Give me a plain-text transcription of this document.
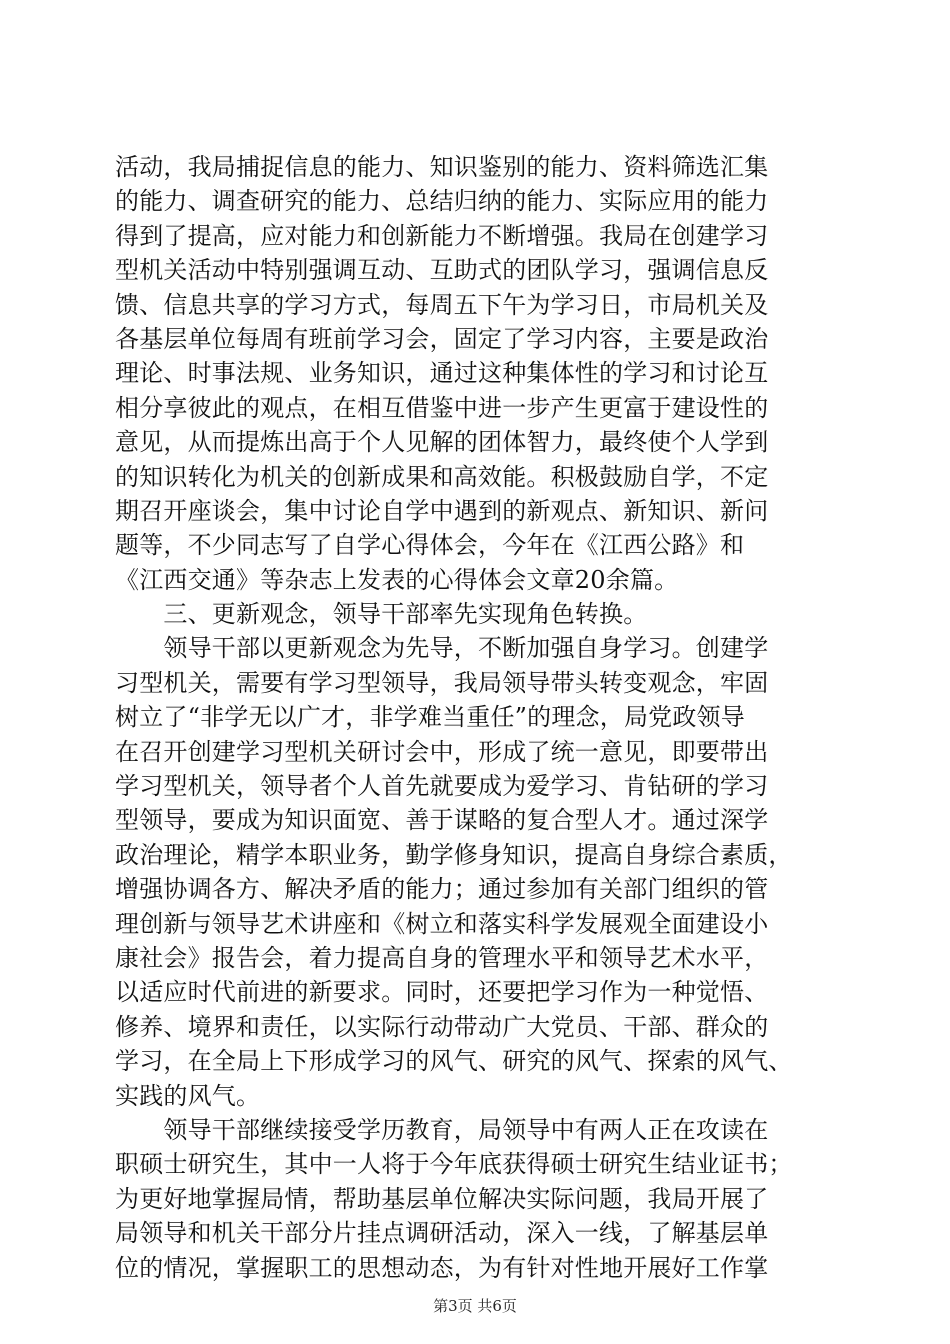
活动，我局捕捉信息的能力、知识鉴别的能力、资料筛选汇集
的能力、调查研究的能力、总结归纳的能力、实际应用的能力
得到了提高，应对能力和创新能力不断增强。我局在创建学习
型机关活动中特别强调互动、互助式的团队学习，强调信息反
馈、信息共享的学习方式，每周五下午为学习日，市局机关及
各基层单位每周有班前学习会，固定了学习内容，主要是政治
理论、时事法规、业务知识，通过这种集体性的学习和讨论互
相分享彼此的观点，在相互借鉴中进一步产生更富于建设性的
意见，从而提炼出高于个人见解的团体智力，最终使个人学到
的知识转化为机关的创新成果和高效能。积极鼓励自学，不定
期召开座谈会，集中讨论自学中遇到的新观点、新知识、新问
题等，不少同志写了自学心得体会，今年在《江西公路》和
《江西交通》等杂志上发表的心得体会文章20余篇。
　　三、更新观念，领导干部率先实现角色转换。
　　领导干部以更新观念为先导，不断加强自身学习。创建学
习型机关，需要有学习型领导，我局领导带头转变观念，牢固
树立了“非学无以广才，非学难当重任”的理念，局党政领导
在召开创建学习型机关研讨会中，形成了统一意见，即要带出
学习型机关，领导者个人首先就要成为爱学习、肯钻研的学习
型领导，要成为知识面宽、善于谋略的复合型人才。通过深学
政治理论，精学本职业务，勤学修身知识，提高自身综合素质，
增强协调各方、解决矛盾的能力；通过参加有关部门组织的管
理创新与领导艺术讲座和《树立和落实科学发展观全面建设小
康社会》报告会，着力提高自身的管理水平和领导艺术水平，
以适应时代前进的新要求。同时，还要把学习作为一种觉悟、
修养、境界和责任，以实际行动带动广大党员、干部、群众的
学习，在全局上下形成学习的风气、研究的风气、探索的风气、
实践的风气。
　　领导干部继续接受学历教育，局领导中有两人正在攻读在
职硕士研究生，其中一人将于今年底获得硕士研究生结业证书；
为更好地掌握局情，帮助基层单位解决实际问题，我局开展了
局领导和机关干部分片挂点调研活动，深入一线，了解基层单
位的情况，掌握职工的思想动态，为有针对性地开展好工作掌
第3页 共6页
